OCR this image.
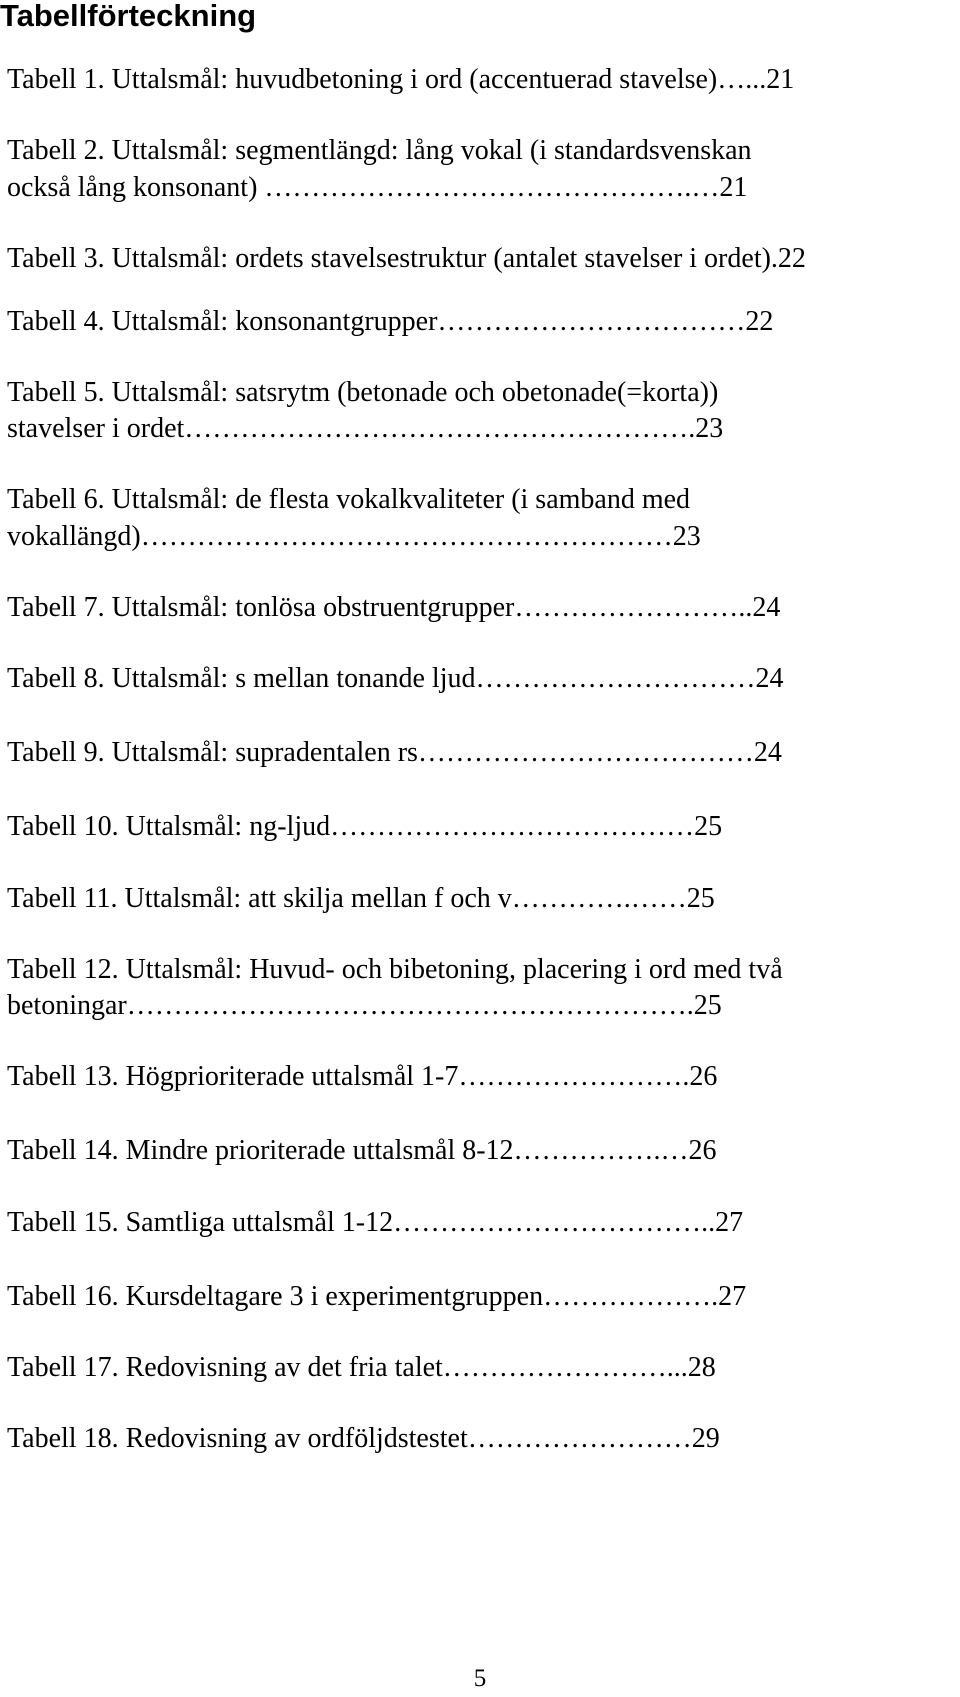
Tabellförteckning
Tabell 1. Uttalsmål: huvudbetoning i ord (accentuerad stavelse)…...21
Tabell 2. Uttalsmål: segmentlängd: lång vokal (i standardsvenskan
också lång konsonant) ……………………………………….…21
Tabell 3. Uttalsmål: ordets stavelsestruktur (antalet stavelser i ordet).22
Tabell 4. Uttalsmål: konsonantgrupper……………………………22
Tabell 5. Uttalsmål: satsrytm (betonade och obetonade(=korta))
stavelser i ordet……………………………………………….23
Tabell 6. Uttalsmål: de flesta vokalkvaliteter (i samband med
vokallängd)…………………………………………………23
Tabell 7. Uttalsmål: tonlösa obstruentgrupper……………………..24
Tabell 8. Uttalsmål: s mellan tonande ljud…………………………24
Tabell 9. Uttalsmål: supradentalen rs………………………………24
Tabell 10. Uttalsmål: ng-ljud…………………………………25
Tabell 11. Uttalsmål: att skilja mellan f och v………….……25
Tabell 12. Uttalsmål: Huvud- och bibetoning, placering i ord med två
betoningar…………………………………………………….25
Tabell 13. Högprioriterade uttalsmål 1-7…………………….26
Tabell 14. Mindre prioriterade uttalsmål 8-12…………….…26
Tabell 15. Samtliga uttalsmål 1-12……………………………..27
Tabell 16. Kursdeltagare 3 i experimentgruppen……………….27
Tabell 17. Redovisning av det fria talet……………………...28
Tabell 18. Redovisning av ordföljdstestet……………………29
5
